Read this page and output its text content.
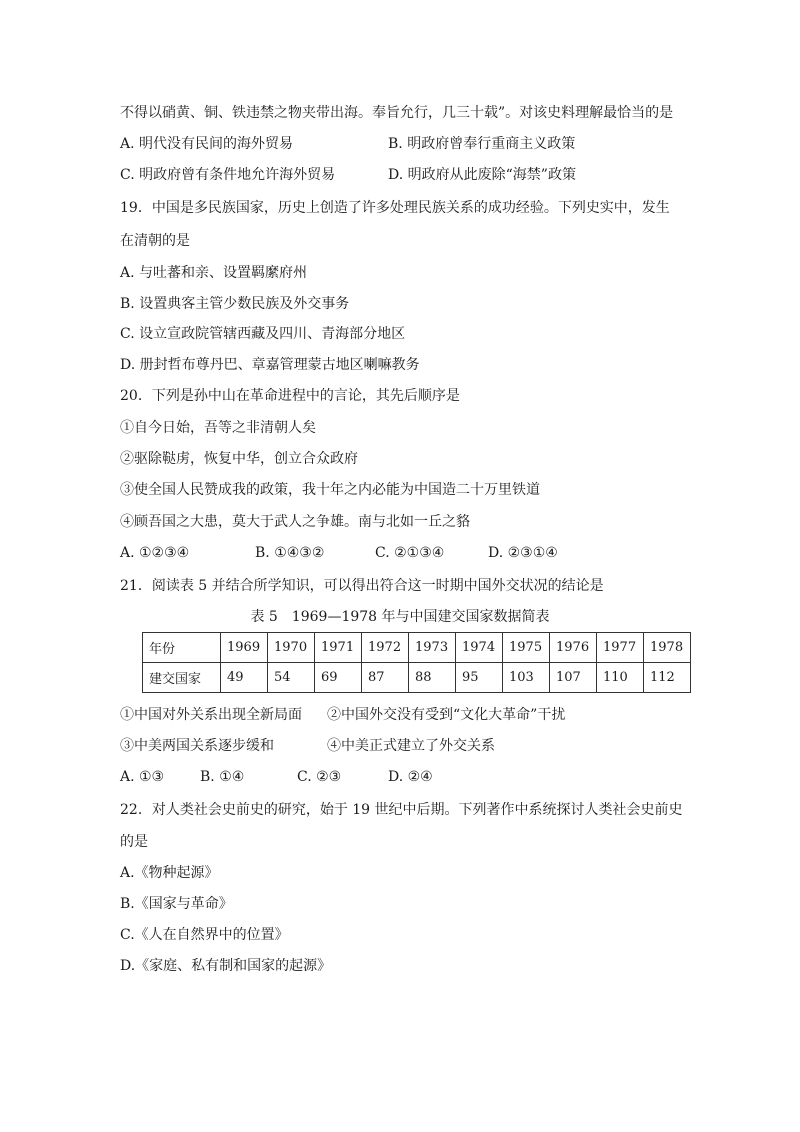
不得以硝黄、铜、铁违禁之物夹带出海。奉旨允行，几三十载”。对该史料理解最恰当的是
A. 明代没有民间的海外贸易	B. 明政府曾奉行重商主义政策
C. 明政府曾有条件地允许海外贸易	D. 明政府从此废除“海禁”政策
19．中国是多民族国家，历史上创造了许多处理民族关系的成功经验。下列史实中，发生
在清朝的是
A. 与吐蕃和亲、设置羁縻府州
B. 设置典客主管少数民族及外交事务
C. 设立宣政院管辖西藏及四川、青海部分地区
D. 册封哲布尊丹巴、章嘉管理蒙古地区喇嘛教务
20．下列是孙中山在革命进程中的言论，其先后顺序是
①自今日始，吾等之非清朝人矣
②驱除鞑虏，恢复中华，创立合众政府
③使全国人民赞成我的政策，我十年之内必能为中国造二十万里铁道
④顾吾国之大患，莫大于武人之争雄。南与北如一丘之貉
A. ①②③④	B. ①④③②	C. ②①③④	D. ②③①④
21．阅读表 5 并结合所学知识，可以得出符合这一时期中国外交状况的结论是
表 5　1969—1978 年与中国建交国家数据简表
年份	1969	1970	1971	1972	1973	1974	1975	1976	1977	1978
建交国家	49	54	69	87	88	95	103	107	110	112
①中国对外关系出现全新局面 ②中国外交没有受到“文化大革命”干扰
③中美两国关系逐步缓和	④中美正式建立了外交关系
A. ①③	B. ①④	C. ②③	D. ②④
22．对人类社会史前史的研究，始于 19 世纪中后期。下列著作中系统探讨人类社会史前史
的是
A.《物种起源》
B.《国家与革命》
C.《人在自然界中的位置》
D.《家庭、私有制和国家的起源》
